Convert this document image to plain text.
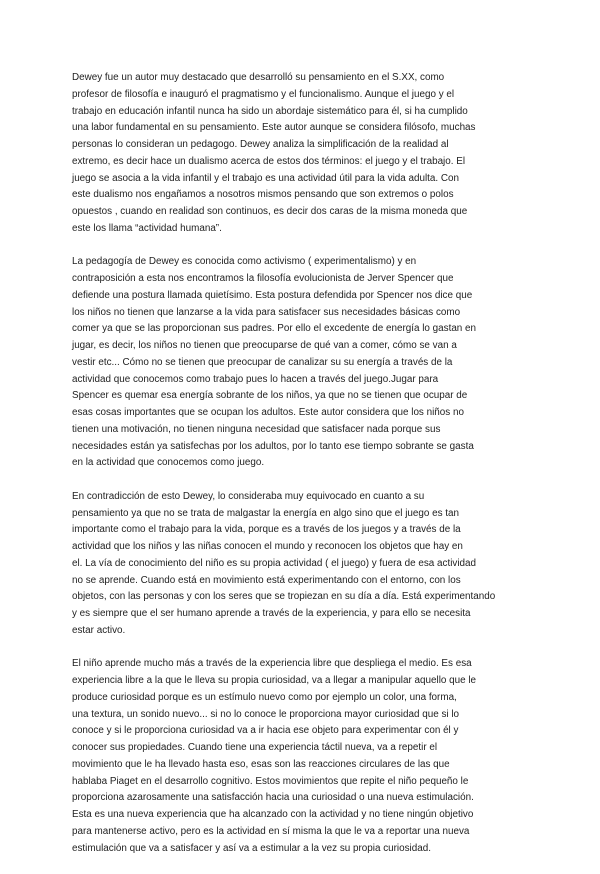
Dewey fue un autor muy destacado que desarrolló su pensamiento en el S.XX, como
profesor de filosofía e inauguró el pragmatismo y el funcionalismo. Aunque el juego y el
trabajo en educación infantil nunca ha sido un abordaje sistemático para él, si ha cumplido
una labor fundamental en su pensamiento. Este autor aunque se considera filósofo, muchas
personas lo consideran un pedagogo. Dewey analiza la simplificación de la realidad al
extremo, es decir hace un dualismo acerca de estos dos términos: el juego y el trabajo. El
juego se asocia a la vida infantil y el trabajo es una actividad útil para la vida adulta. Con
este dualismo nos engañamos a nosotros mismos pensando que son extremos o polos
opuestos , cuando en realidad son continuos, es decir dos caras de la misma moneda que
este los llama “actividad humana”.

La pedagogía de Dewey es conocida como activismo ( experimentalismo) y en
contraposición a esta nos encontramos la filosofía evolucionista de Jerver Spencer que
defiende una postura llamada quietísimo. Esta postura defendida por Spencer nos dice que
los niños no tienen que lanzarse a la vida para satisfacer sus necesidades básicas como
comer ya que se las proporcionan sus padres. Por ello el excedente de energía lo gastan en
jugar, es decir, los niños no tienen que preocuparse de qué van a comer, cómo se van a
vestir etc... Cómo no se tienen que preocupar de canalizar su su energía a través de la
actividad que conocemos como trabajo pues lo hacen a través del juego.Jugar para
Spencer es quemar esa energía sobrante de los niños, ya que no se tienen que ocupar de
esas cosas importantes que se ocupan los adultos. Este autor considera que los niños no
tienen una motivación, no tienen ninguna necesidad que satisfacer nada porque sus
necesidades están ya satisfechas por los adultos, por lo tanto ese tiempo sobrante se gasta
en la actividad que conocemos como juego.

En contradicción de esto Dewey, lo consideraba muy equivocado en cuanto a su
pensamiento ya que no se trata de malgastar la energía en algo sino que el juego es tan
importante como el trabajo para la vida, porque es a través de los juegos y a través de la
actividad que los niños y las niñas conocen el mundo y reconocen los objetos que hay en
el. La vía de conocimiento del niño es su propia actividad ( el juego) y fuera de esa actividad
no se aprende. Cuando está en movimiento está experimentando con el entorno, con los
objetos, con las personas y con los seres que se tropiezan en su día a día. Está experimentando
y es siempre que el ser humano aprende a través de la experiencia, y para ello se necesita
estar activo.

El niño aprende mucho más a través de la experiencia libre que despliega el medio. Es esa
experiencia libre a la que le lleva su propia curiosidad, va a llegar a manipular aquello que le
produce curiosidad porque es un estímulo nuevo como por ejemplo un color, una forma,
una textura, un sonido nuevo... si no lo conoce le proporciona mayor curiosidad que si lo
conoce y si le proporciona curiosidad va a ir hacia ese objeto para experimentar con él y
conocer sus propiedades. Cuando tiene una experiencia táctil nueva, va a repetir el
movimiento que le ha llevado hasta eso, esas son las reacciones circulares de las que
hablaba Piaget en el desarrollo cognitivo. Estos movimientos que repite el niño pequeño le
proporciona azarosamente una satisfacción hacia una curiosidad o una nueva estimulación.
Esta es una nueva experiencia que ha alcanzado con la actividad y no tiene ningún objetivo
para mantenerse activo, pero es la actividad en sí misma la que le va a reportar una nueva
estimulación que va a satisfacer y así va a estimular a la vez su propia curiosidad.
